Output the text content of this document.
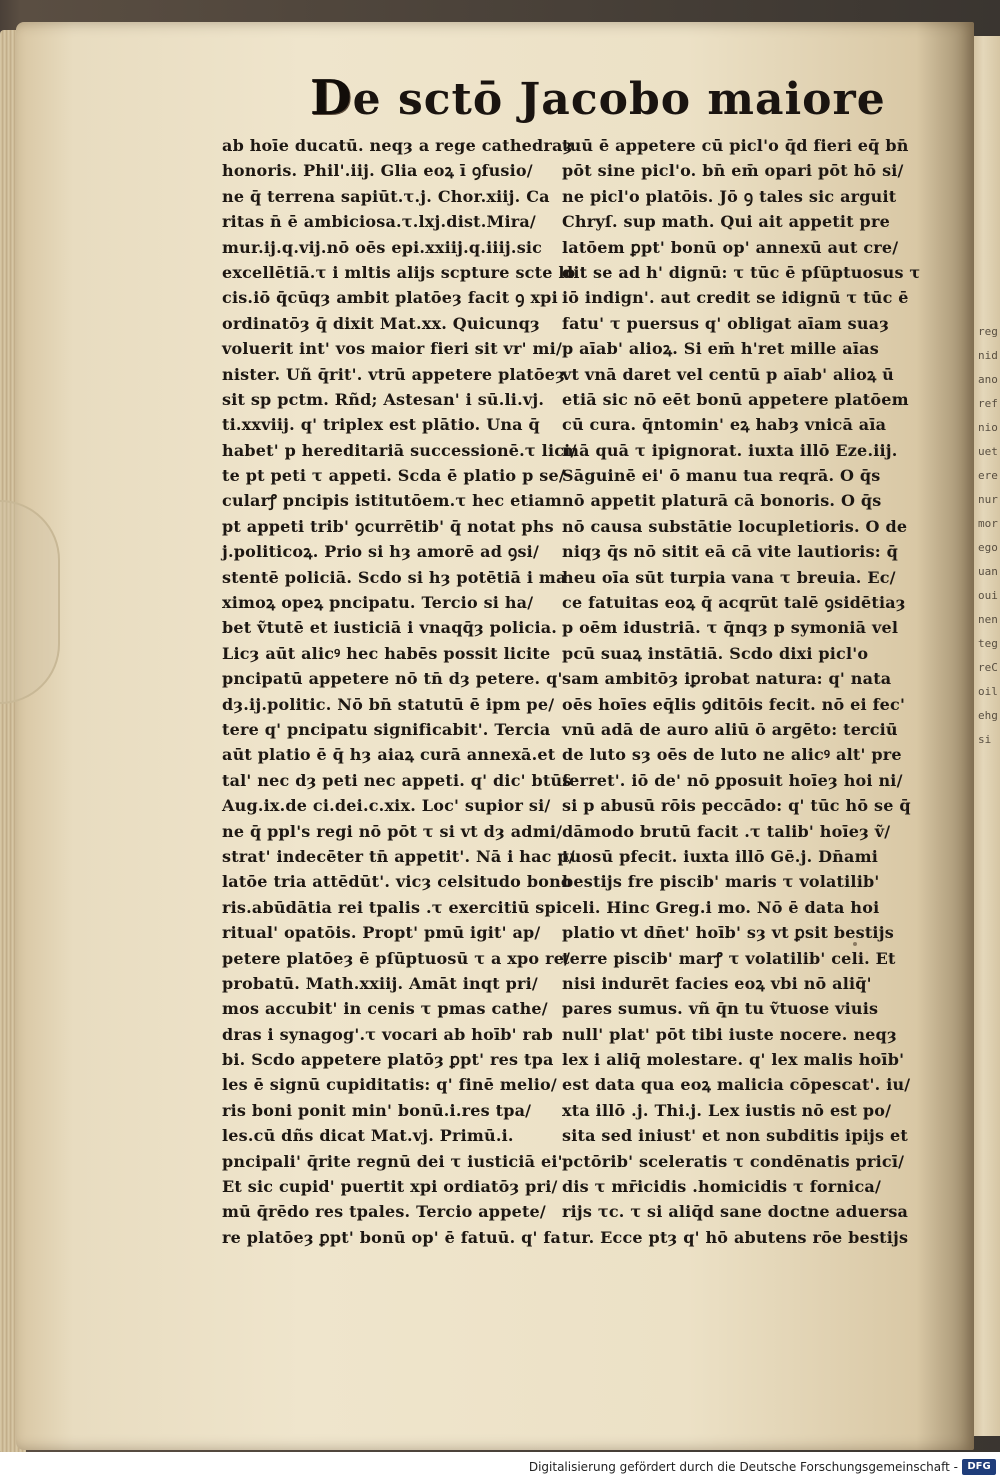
De sctō Jacobo maiore
ab hoīe ducatū. neqȝ a rege cathedraȝ
honoris. Phil'.iij. Glia eoꝝ ī ꝯfusio/
ne q̄ terrena sapiūt.τ.j. Chor.xiij. Ca
ritas n̄ ē ambiciosa.τ.lxj.dist.Mira/
mur.ij.q.vij.nō oēs epi.xxiij.q.iiij.sic
excellētiā.τ i mltis alijs scpture scte lo
cis.iō q̄cūqȝ ambit platōeȝ facit ꝯ xpi
ordinatōȝ q̄ dixit Mat.xx. Quicunqȝ
voluerit int' vos maior fieri sit vr' mi/
nister. Uñ q̄rit'. vtrū appetere platōeȝ
sit sp pctm. Rñd; Astesan' i sū.li.vj.
ti.xxviij. q' triplex est plātio. Una q̄
habet' p hereditariā successionē.τ lici/
te pt peti τ appeti. Scda ē platio p se/
cularꝭ pncipis istitutōem.τ hec etiam
pt appeti trib' ꝯcurrētib' q̄ notat phs
j.politicoꝝ. Prio si hȝ amorē ad ꝯsi/
stentē policiā. Scdo si hȝ potētiā i ma
ximoꝝ opeꝝ pncipatu. Tercio si ha/
bet ṽtutē et iusticiā i vnaqq̄ȝ policia.
Licȝ aūt alicꝰ hec habēs possit licite
pncipatū appetere nō tn̄ dȝ petere. q'
dȝ.ij.politic. Nō bn̄ statutū ē ipm pe/
tere q' pncipatu significabit'. Tercia
aūt platio ē q̄ hȝ aiaꝝ curā annexā.et
tal' nec dȝ peti nec appeti. q' dic' btūs
Aug.ix.de ci.dei.c.xix. Loc' supior si/
ne q̄ ppl's regi nō pōt τ si vt dȝ admi/
strat' indecēter tn̄ appetit'. Nā i hac p/
latōe tria attēdūt'. vicȝ celsitudo bono
ris.abūdātia rei tpalis .τ exercitiū spi
ritual' opatōis. Propt' pmū igit' ap/
petere platōeȝ ē pſūptuosū τ a xpo re/
probatū. Math.xxiij. Amāt inqt pri/
mos accubit' in cenis τ pmas cathe/
dras i synagog'.τ vocari ab hoīb' rab
bi. Scdo appetere platōȝ ꝑpt' res tpa
les ē signū cupiditatis: q' finē melio/
ris boni ponit min' bonū.i.res tpa/
les.cū dñs dicat Mat.vj. Primū.i.
pncipali' q̄rite regnū dei τ iusticiā ei'.
Et sic cupid' puertit xpi ordiatōȝ pri/
mū q̄rēdo res tpales. Tercio appete/
re platōeȝ ꝑpt' bonū op' ē fatuū. q' fa
tuū ē appetere cū picl'o q̄d fieri eq̄ bn̄
pōt sine picl'o. bn̄ em̄ opari pōt hō si/
ne picl'o platōis. Jō ꝯ tales sic arguit
Chryſ. sup math. Qui ait appetit pre
latōem ꝑpt' bonū op' annexū aut cre/
dit se ad h' dignū: τ tūc ē pſūptuosus τ
iō indign'. aut credit se idignū τ tūc ē
fatu' τ puersus q' obligat aīam suaȝ
p aīab' alioꝝ. Si em̄ h'ret mille aīas
vt vnā daret vel centū p aīab' alioꝝ ū
etiā sic nō eēt bonū appetere platōem
cū cura. q̄ntomin' eꝝ habȝ vnicā aīa
mā quā τ ipignorat. iuxta illō Eze.iij.
Sāguinē ei' ō manu tua reqrā. O q̄s
nō appetit platurā cā bonoris. O q̄s
nō causa substātie locupletioris. O de
niqȝ q̄s nō sitit eā cā vite lautioris: q̄
heu oīa sūt turpia vana τ breuia. Ec/
ce fatuitas eoꝝ q̄ acqrūt talē ꝯsidētiaȝ
p oēm idustriā. τ q̄nqȝ p symoniā vel
pcū suaꝝ instātiā. Scdo dixi picl'o
sam ambitōȝ iꝑrobat natura: q' nata
oēs hoīes eq̄lis ꝯditōis fecit. nō ei fec'
vnū adā de auro aliū ō argēto: terciū
de luto sȝ oēs de luto ne alicꝰ alt' pre
ferret'. iō de' nō ꝑposuit hoīeȝ hoi ni/
si p abusū rōis peccādo: q' tūc hō se q̄
dāmodo brutū facit .τ talib' hoīeȝ ṽ/
tuosū pfecit. iuxta illō Gē.j. Dn̄ami
bestijs fre piscib' maris τ volatilib'
celi. Hinc Greg.i mo. Nō ē data hoi
platio vt dn̄et' hoīb' sȝ vt ꝑsit bestijs
terre piscib' marꝭ τ volatilib' celi. Et
nisi indurēt facies eoꝝ vbi nō aliq̄'
pares sumus. vñ q̄n tu ṽtuose viuis
null' plat' pōt tibi iuste nocere. neqȝ
lex i aliq̄ molestare. q' lex malis hoīb'
est data qua eoꝝ malicia cōpescat'. iu/
xta illō .j. Thi.j. Lex iustis nō est po/
sita sed iniust' et non subditis ipijs et
pctōrib' sceleratis τ condēnatis pricī/
dis τ mr̄icidis .homicidis τ fornica/
rijs τc. τ si aliq̄d sane doctne aduersa
tur. Ecce ptȝ q' hō abutens rōe bestijs
regnidanorefnioueterenurmoregouanouinentegreCoilehgsi
Digitalisierung gefördert durch die Deutsche Forschungsgemeinschaft - DFG
